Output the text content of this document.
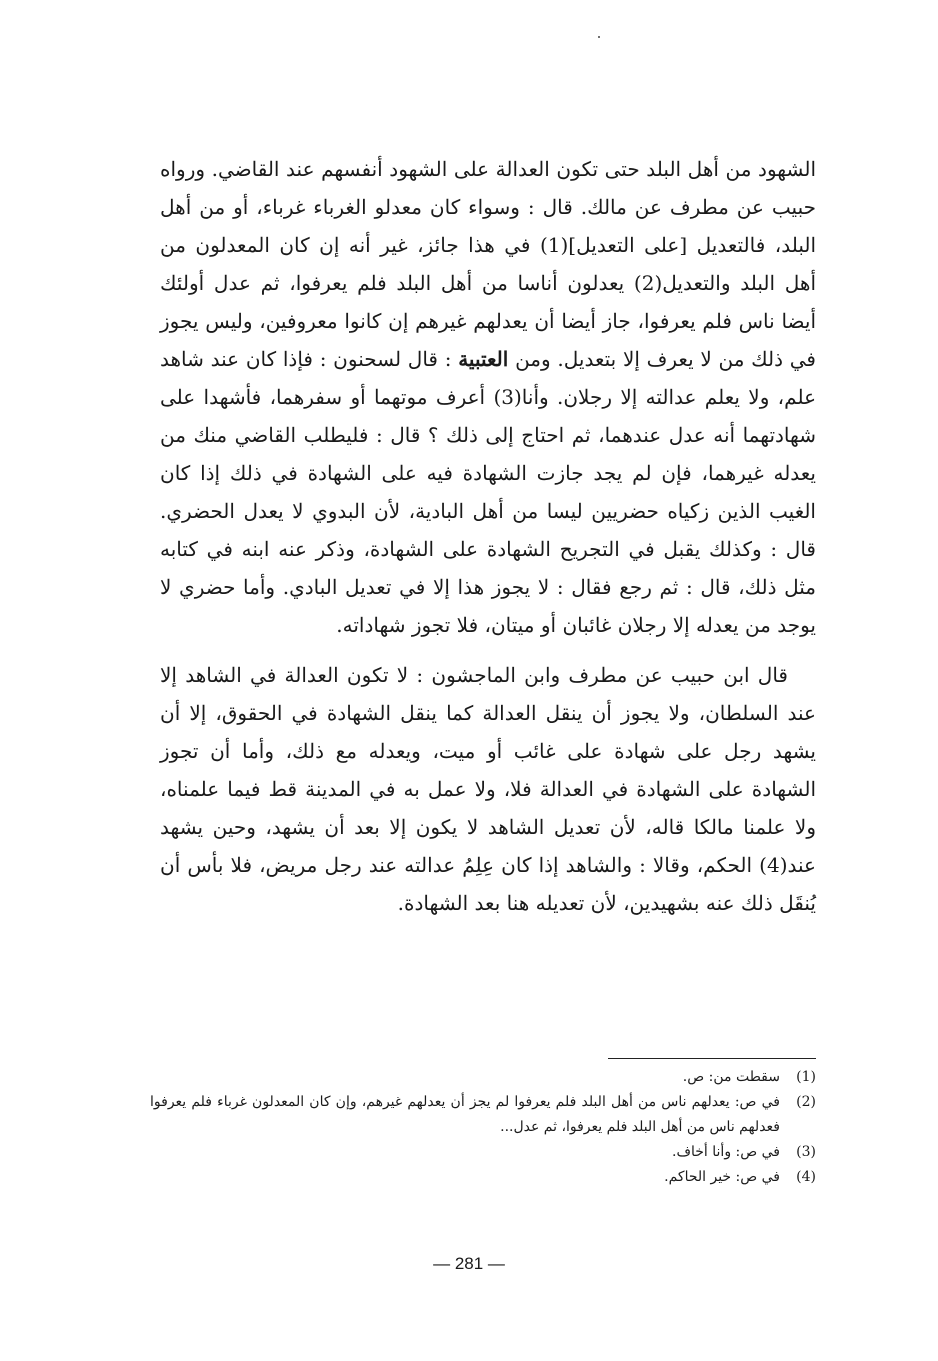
الشهود من أهل البلد حتى تكون العدالة على الشهود أنفسهم عند القاضي. ورواه حبيب عن مطرف عن مالك. قال : وسواء كان معدلو الغرباء غرباء، أو من أهل البلد، فالتعديل [على التعديل](1) في هذا جائز، غير أنه إن كان المعدلون من أهل البلد والتعديل(2) يعدلون أناسا من أهل البلد فلم يعرفوا، ثم عدل أولئك أيضا ناس فلم يعرفوا، جاز أيضا أن يعدلهم غيرهم إن كانوا معروفين، وليس يجوز في ذلك من لا يعرف إلا بتعديل. ومن العتبية : قال لسحنون : فإذا كان عند شاهد علم، ولا يعلم عدالته إلا رجلان. وأنا(3) أعرف موتهما أو سفرهما، فأشهدا على شهادتهما أنه عدل عندهما، ثم احتاج إلى ذلك ؟ قال : فليطلب القاضي منك من يعدله غيرهما، فإن لم يجد جازت الشهادة فيه على الشهادة في ذلك إذا كان الغيب الذين زكياه حضريين ليسا من أهل البادية، لأن البدوي لا يعدل الحضري. قال : وكذلك يقبل في التجريح الشهادة على الشهادة، وذكر عنه ابنه في كتابه مثل ذلك، قال : ثم رجع فقال : لا يجوز هذا إلا في تعديل البادي. وأما حضري لا يوجد من يعدله إلا رجلان غائبان أو ميتان، فلا تجوز شهاداته.

قال ابن حبيب عن مطرف وابن الماجشون : لا تكون العدالة في الشاهد إلا عند السلطان، ولا يجوز أن ينقل العدالة كما ينقل الشهادة في الحقوق، إلا أن يشهد رجل على شهادة على غائب أو ميت، ويعدله مع ذلك، وأما أن تجوز الشهادة على الشهادة في العدالة فلا، ولا عمل به في المدينة قط فيما علمناه، ولا علمنا مالكا قاله، لأن تعديل الشاهد لا يكون إلا بعد أن يشهد، وحين يشهد عند(4) الحكم، وقالا : والشاهد إذا كان عِلِمُ عدالته عند رجل مريض، فلا بأس أن يُنقَل ذلك عنه بشهيدين، لأن تعديله هنا بعد الشهادة.

(1)
سقطت من: ص.
(2)
في ص: يعدلهم ناس من أهل البلد فلم يعرفوا لم يجز أن يعدلهم غيرهم، وإن كان المعدلون غرباء فلم يعرفوا فعدلهم ناس من أهل البلد فلم يعرفوا، ثم عدل...
(3)
في ص: وأنا أخاف.
(4)
في ص: خير الحاكم.
— 281 —
